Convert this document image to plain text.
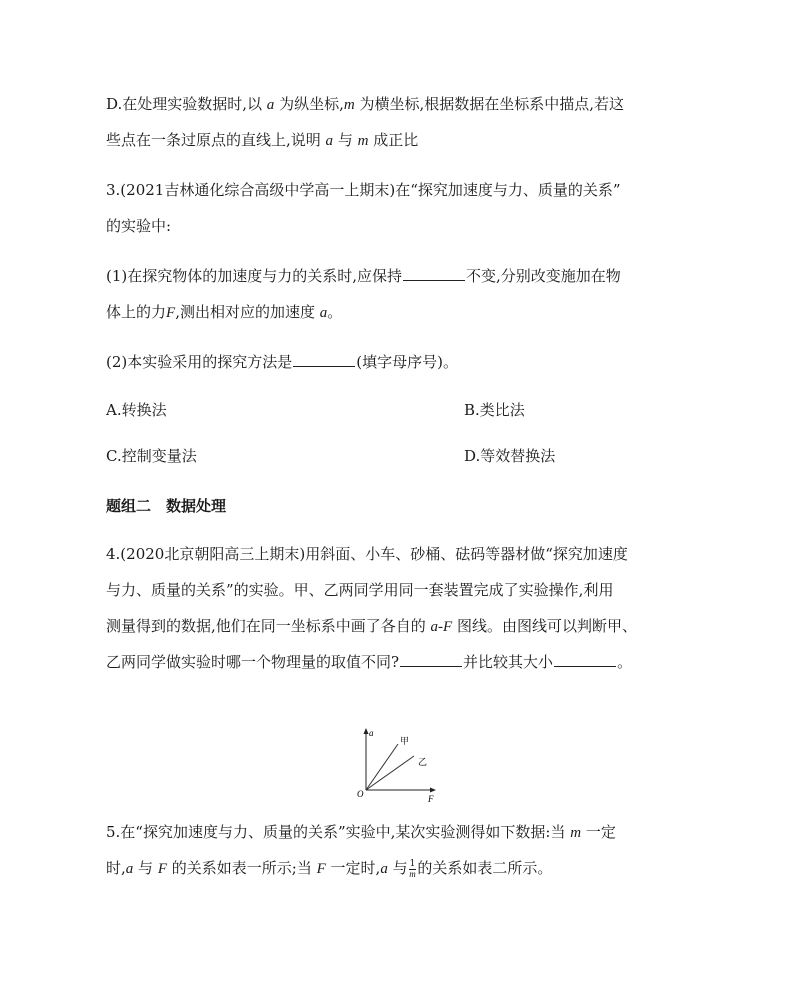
D.在处理实验数据时,以 a 为纵坐标,m 为横坐标,根据数据在坐标系中描点,若这
些点在一条过原点的直线上,说明 a 与 m 成正比
3.(2021吉林通化综合高级中学高一上期末)在“探究加速度与力、质量的关系”
的实验中:
(1)在探究物体的加速度与力的关系时,应保持	不变,分别改变施加在物
体上的力F,测出相对应的加速度 a。
(2)本实验采用的探究方法是	(填字母序号)。
A.转换法	B.类比法
C.控制变量法	D.等效替换法
题组二　数据处理
4.(2020北京朝阳高三上期末)用斜面、小车、砂桶、砝码等器材做“探究加速度
与力、质量的关系”的实验。甲、乙两同学用同一套装置完成了实验操作,利用
测量得到的数据,他们在同一坐标系中画了各自的 a-F 图线。由图线可以判断甲、
乙两同学做实验时哪一个物理量的取值不同?	并比较其大小	。
a
F
O
甲
乙
5.在“探究加速度与力、质量的关系”实验中,某次实验测得如下数据:当 m 一定
时,a 与 F 的关系如表一所示;当 F 一定时,a 与 $\frac{1}{m}$ 的关系如表二所示。
